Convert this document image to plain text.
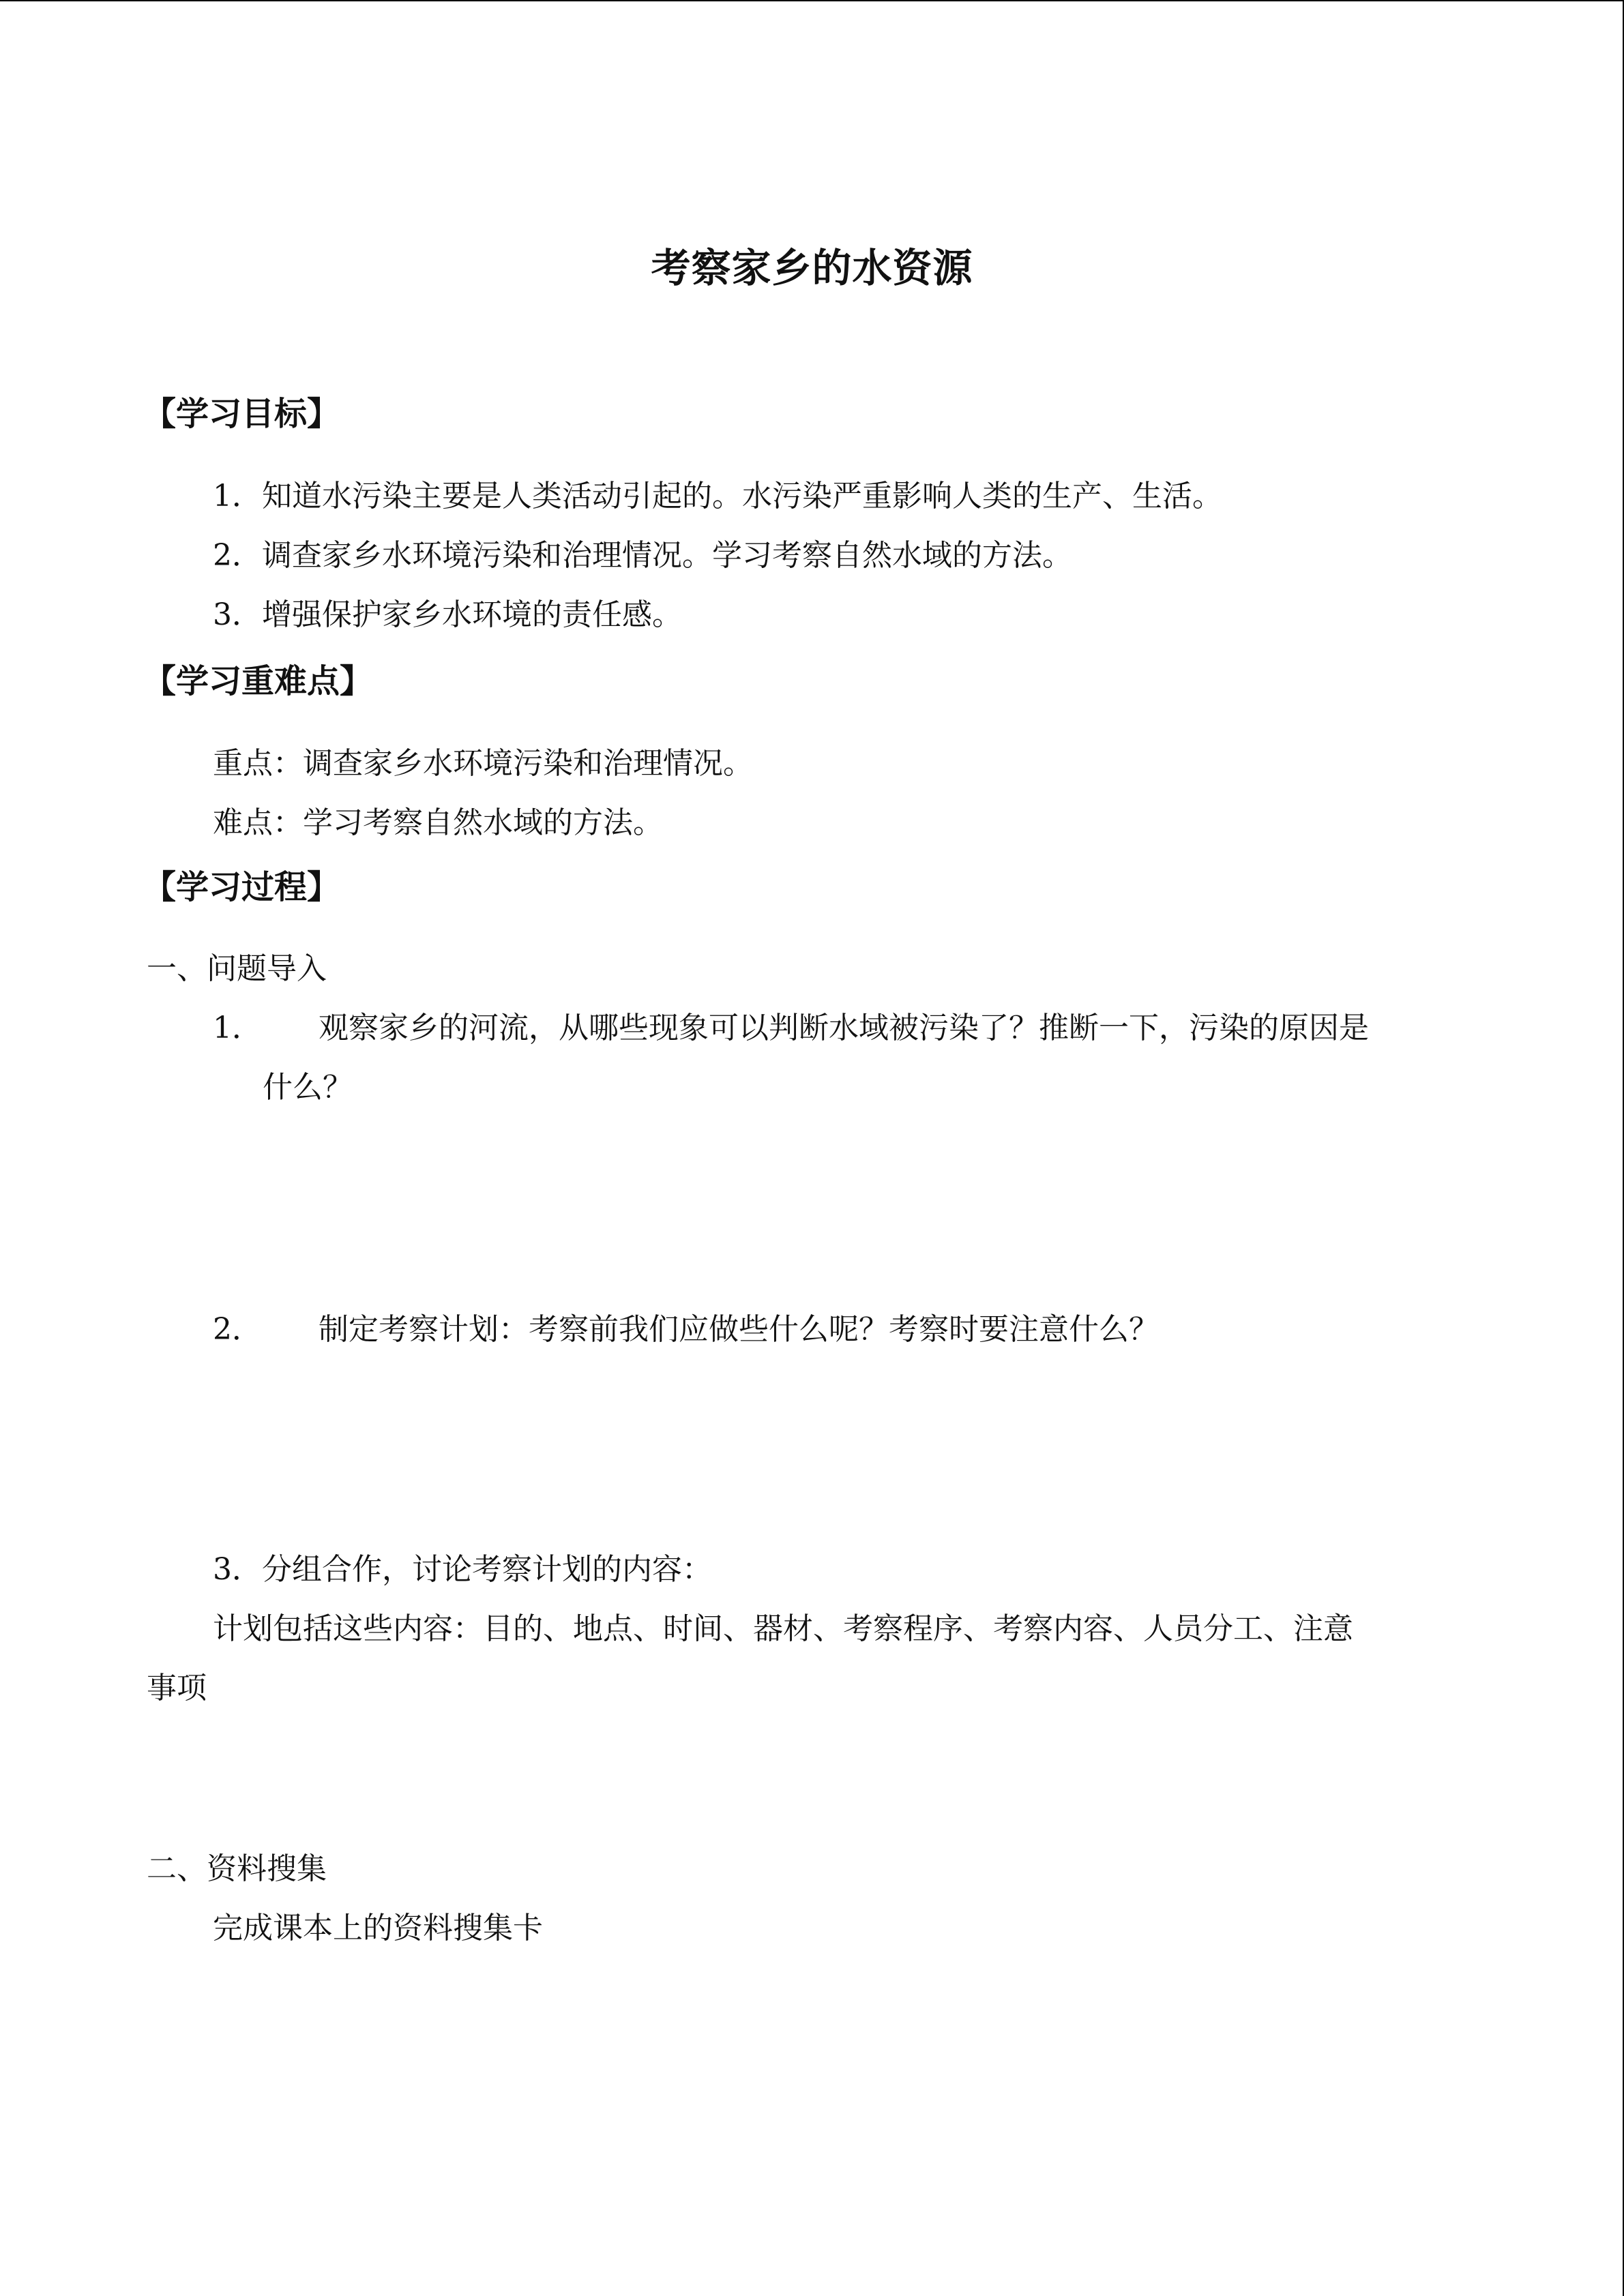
考察家乡的水资源
【学习目标】

1．知道水污染主要是人类活动引起的。水污染严重影响人类的生产、生活。

2．调查家乡水环境污染和治理情况。学习考察自然水域的方法。

3．增强保护家乡水环境的责任感。

【学习重难点】

重点：调查家乡水环境污染和治理情况。

难点：学习考察自然水域的方法。

【学习过程】

一、问题导入

1． 观察家乡的河流，从哪些现象可以判断水域被污染了？推断一下，污染的原因是

什么？

2． 制定考察计划：考察前我们应做些什么呢？考察时要注意什么？

3．分组合作，讨论考察计划的内容：

计划包括这些内容：目的、地点、时间、器材、考察程序、考察内容、人员分工、注意

事项

二、资料搜集

完成课本上的资料搜集卡
